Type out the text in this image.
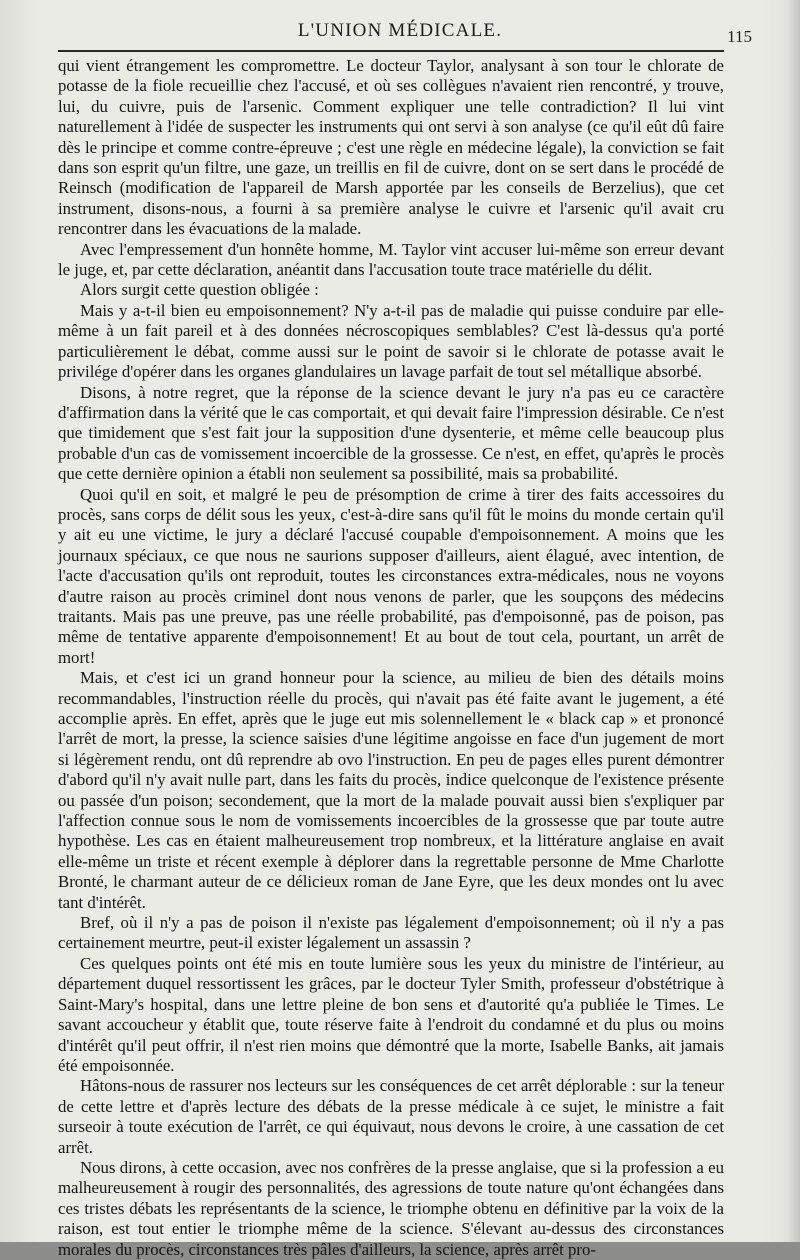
L'UNION MÉDICALE.	115

qui vient étrangement les compromettre. Le docteur Taylor, analysant à son tour le chlorate de potasse de la fiole recueillie chez l'accusé, et où ses collègues n'avaient rien rencontré, y trouve, lui, du cuivre, puis de l'arsenic. Comment expliquer une telle contradiction? Il lui vint naturellement à l'idée de suspecter les instruments qui ont servi à son analyse (ce qu'il eût dû faire dès le principe et comme contre-épreuve ; c'est une règle en médecine légale), la conviction se fait dans son esprit qu'un filtre, une gaze, un treillis en fil de cuivre, dont on se sert dans le procédé de Reinsch (modification de l'appareil de Marsh apportée par les conseils de Berzelius), que cet instrument, disons-nous, a fourni à sa première analyse le cuivre et l'arsenic qu'il avait cru rencontrer dans les évacuations de la malade.

Avec l'empressement d'un honnête homme, M. Taylor vint accuser lui-même son erreur devant le juge, et, par cette déclaration, anéantit dans l'accusation toute trace matérielle du délit.

Alors surgit cette question obligée :

Mais y a-t-il bien eu empoisonnement? N'y a-t-il pas de maladie qui puisse conduire par elle-même à un fait pareil et à des données nécroscopiques semblables? C'est là-dessus qu'a porté particulièrement le débat, comme aussi sur le point de savoir si le chlorate de potasse avait le privilége d'opérer dans les organes glandulaires un lavage parfait de tout sel métallique absorbé.

Disons, à notre regret, que la réponse de la science devant le jury n'a pas eu ce caractère d'affirmation dans la vérité que le cas comportait, et qui devait faire l'impression désirable. Ce n'est que timidement que s'est fait jour la supposition d'une dysenterie, et même celle beaucoup plus probable d'un cas de vomissement incoercible de la grossesse. Ce n'est, en effet, qu'après le procès que cette dernière opinion a établi non seulement sa possibilité, mais sa probabilité.

Quoi qu'il en soit, et malgré le peu de présomption de crime à tirer des faits accessoires du procès, sans corps de délit sous les yeux, c'est-à-dire sans qu'il fût le moins du monde certain qu'il y ait eu une victime, le jury a déclaré l'accusé coupable d'empoisonnement. A moins que les journaux spéciaux, ce que nous ne saurions supposer d'ailleurs, aient élagué, avec intention, de l'acte d'accusation qu'ils ont reproduit, toutes les circonstances extra-médicales, nous ne voyons d'autre raison au procès criminel dont nous venons de parler, que les soupçons des médecins traitants. Mais pas une preuve, pas une réelle probabilité, pas d'empoisonné, pas de poison, pas même de tentative apparente d'empoisonnement! Et au bout de tout cela, pourtant, un arrêt de mort!

Mais, et c'est ici un grand honneur pour la science, au milieu de bien des détails moins recommandables, l'instruction réelle du procès, qui n'avait pas été faite avant le jugement, a été accomplie après. En effet, après que le juge eut mis solennellement le « black cap » et prononcé l'arrêt de mort, la presse, la science saisies d'une légitime angoisse en face d'un jugement de mort si légèrement rendu, ont dû reprendre ab ovo l'instruction. En peu de pages elles purent démontrer d'abord qu'il n'y avait nulle part, dans les faits du procès, indice quelconque de l'existence présente ou passée d'un poison; secondement, que la mort de la malade pouvait aussi bien s'expliquer par l'affection connue sous le nom de vomissements incoercibles de la grossesse que par toute autre hypothèse. Les cas en étaient malheureusement trop nombreux, et la littérature anglaise en avait elle-même un triste et récent exemple à déplorer dans la regrettable personne de Mme Charlotte Bronté, le charmant auteur de ce délicieux roman de Jane Eyre, que les deux mondes ont lu avec tant d'intérêt.

Bref, où il n'y a pas de poison il n'existe pas légalement d'empoisonnement; où il n'y a pas certainement meurtre, peut-il exister légalement un assassin ?

Ces quelques points ont été mis en toute lumière sous les yeux du ministre de l'intérieur, au département duquel ressortissent les grâces, par le docteur Tyler Smith, professeur d'obstétrique à Saint-Mary's hospital, dans une lettre pleine de bon sens et d'autorité qu'a publiée le Times. Le savant accoucheur y établit que, toute réserve faite à l'endroit du condamné et du plus ou moins d'intérêt qu'il peut offrir, il n'est rien moins que démontré que la morte, Isabelle Banks, ait jamais été empoisonnée.

Hâtons-nous de rassurer nos lecteurs sur les conséquences de cet arrêt déplorable : sur la teneur de cette lettre et d'après lecture des débats de la presse médicale à ce sujet, le ministre a fait surseoir à toute exécution de l'arrêt, ce qui équivaut, nous devons le croire, à une cassation de cet arrêt.

Nous dirons, à cette occasion, avec nos confrères de la presse anglaise, que si la profession a eu malheureusement à rougir des personnalités, des agressions de toute nature qu'ont échangées dans ces tristes débats les représentants de la science, le triomphe obtenu en définitive par la voix de la raison, est tout entier le triomphe même de la science. S'élevant au-dessus des circonstances morales du procès, circonstances très pâles d'ailleurs, la science, après arrêt pro-
